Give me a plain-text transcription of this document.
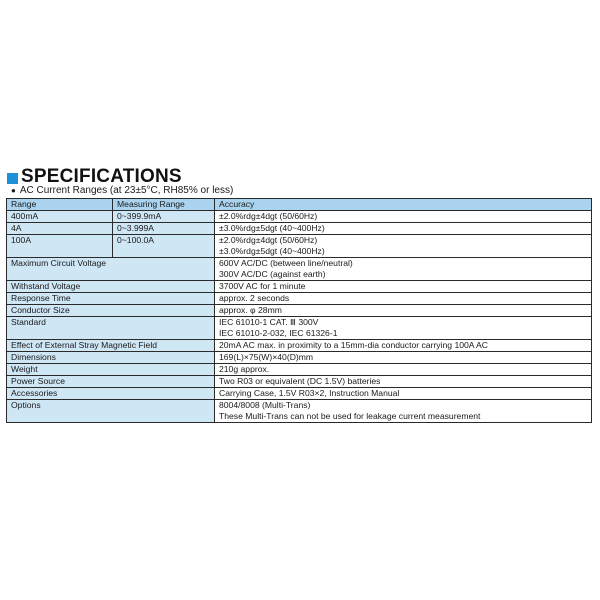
SPECIFICATIONS
● AC Current Ranges (at 23±5°C, RH85% or less)
Range	Measuring Range	Accuracy
400mA	0~399.9mA	±2.0%rdg±4dgt (50/60Hz)

4A	0~3.999A	±3.0%rdg±5dgt (40~400Hz)

100A	0~100.0A	±2.0%rdg±4dgt (50/60Hz)
±3.0%rdg±5dgt (40~400Hz)

Maximum Circuit Voltage		600V AC/DC (between line/neutral)
300V AC/DC (against earth)

Withstand Voltage		3700V AC for 1 minute

Response Time		approx. 2 seconds

Conductor Size		approx. φ 28mm

Standard		IEC 61010-1 CAT. Ⅲ 300V
IEC 61010-2-032, IEC 61326-1

Effect of External Stray Magnetic Field		20mA AC max. in proximity to a 15mm-dia conductor carrying 100A AC

Dimensions		169(L)×75(W)×40(D)mm

Weight		210g approx.

Power Source		Two R03 or equivalent (DC 1.5V) batteries

Accessories		Carrying Case, 1.5V R03×2, Instruction Manual

Options		8004/8008 (Multi-Trans)
These Multi-Trans can not be used for leakage current measurement
